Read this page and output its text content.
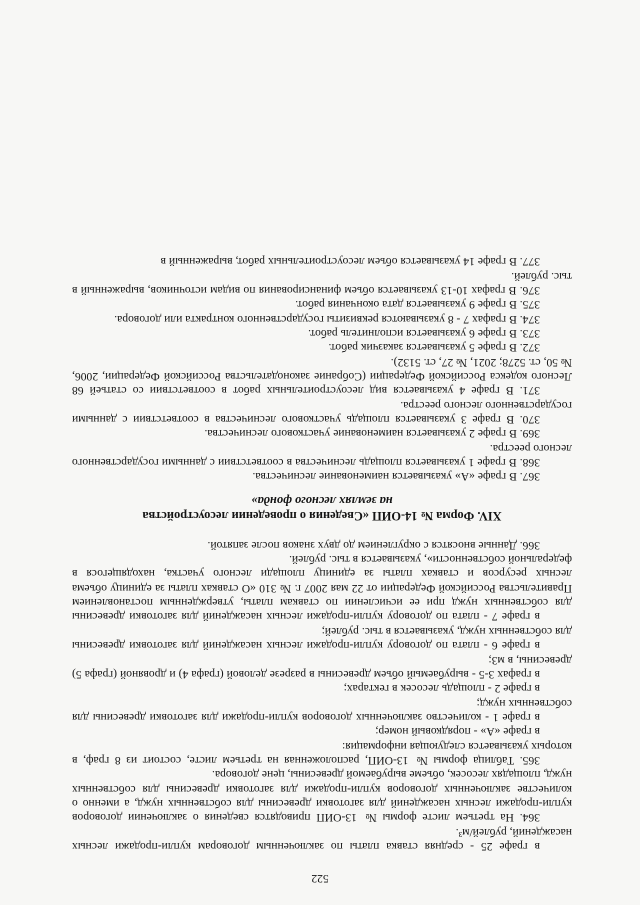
522

в графе 25 - средняя ставка платы по заключенным договорам купли-продажи лесных насаждений, рублей/м³.

364. На третьем листе формы № 13-ОИП приводятся сведения о заключении договоров купли-продажи лесных насаждений для заготовки древесины для собственных нужд, а именно о количестве заключенных договоров купли-продажи для заготовки древесины для собственных нужд, площадях лесосек, объеме вырубаемой древесины, цене договора.

365. Таблица формы № 13-ОИП, расположенная на третьем листе, состоит из 8 граф, в которых указывается следующая информация:

в графе «А» - порядковый номер;

в графе 1 - количество заключенных договоров купли-продажи для заготовки древесины для собственных нужд;

в графе 2 - площадь лесосек в гектарах;

в графах 3-5 - вырубаемый объем древесины в разрезе деловой (графа 4) и дровяной (графа 5) древесины, в м3;

в графе 6 - плата по договору купли-продажи лесных насаждений для заготовки древесины для собственных нужд, указывается в тыс. рублей;

в графе 7 - плата по договору купли-продажи лесных насаждений для заготовки древесины для собственных нужд при ее исчислении по ставкам платы, утвержденным постановлением Правительства Российской Федерации от 22 мая 2007 г. № 310 «О ставках платы за единицу объема лесных ресурсов и ставках платы за единицу площади лесного участка, находящегося в федеральной собственности», указывается в тыс. рублей.

366. Данные вносятся с округлением до двух знаков после запятой.

XIV. Форма № 14-ОИП «Сведения о проведении лесоустройства
на землях лесного фонда»

367. В графе «А» указывается наименование лесничества.

368. В графе 1 указывается площадь лесничества в соответствии с данными государственного лесного реестра.

369. В графе 2 указывается наименование участкового лесничества.

370. В графе 3 указывается площадь участкового лесничества в соответствии с данными государственного лесного реестра.

371. В графе 4 указывается вид лесоустроительных работ в соответствии со статьей 68 Лесного кодекса Российской Федерации (Собрание законодательства Российской Федерации, 2006, № 50, ст. 5278; 2021, № 27, ст. 5132).

372. В графе 5 указывается заказчик работ.

373. В графе 6 указывается исполнитель работ.

374. В графах 7 - 8 указываются реквизиты государственного контракта или договора.

375. В графе 9 указывается дата окончания работ.

376. В графах 10-13 указывается объем финансирования по видам источников, выраженный в тыс. рублей.

377. В графе 14 указывается объем лесоустроительных работ, выраженный в
